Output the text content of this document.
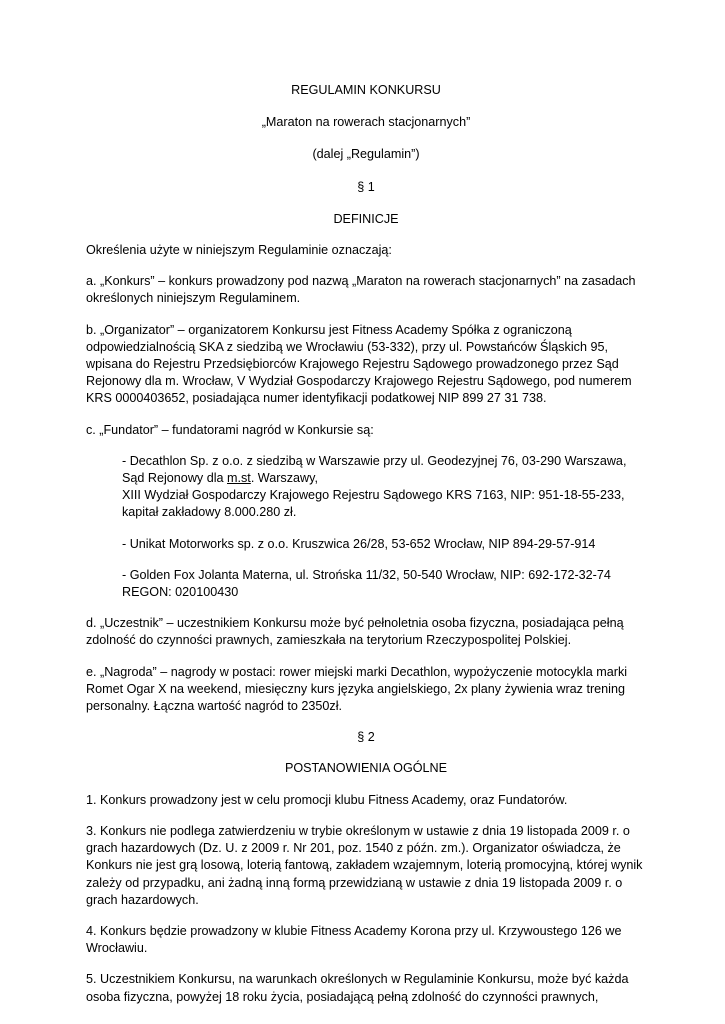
REGULAMIN KONKURSU

„Maraton na rowerach stacjonarnych”

(dalej „Regulamin”)

§ 1

DEFINICJE

Określenia użyte w niniejszym Regulaminie oznaczają:

a. „Konkurs” – konkurs prowadzony pod nazwą „Maraton na rowerach stacjonarnych” na zasadach określonych niniejszym Regulaminem.

b. „Organizator” – organizatorem Konkursu jest Fitness Academy Spółka z ograniczoną odpowiedzialnością SKA z siedzibą we Wrocławiu (53-332), przy ul. Powstańców Śląskich 95, wpisana do Rejestru Przedsiębiorców Krajowego Rejestru Sądowego prowadzonego przez Sąd Rejonowy dla m. Wrocław, V Wydział Gospodarczy Krajowego Rejestru Sądowego, pod numerem KRS 0000403652, posiadająca numer identyfikacji podatkowej NIP 899 27 31 738.

c. „Fundator” – fundatorami nagród w Konkursie są:

- Decathlon Sp. z o.o. z siedzibą w Warszawie przy ul. Geodezyjnej 76, 03-290 Warszawa, Sąd Rejonowy dla m.st. Warszawy,

XIII Wydział Gospodarczy Krajowego Rejestru Sądowego KRS 7163, NIP: 951-18-55-233, kapitał zakładowy 8.000.280 zł.

- Unikat Motorworks sp. z o.o. Kruszwica 26/28, 53-652 Wrocław, NIP 894-29-57-914

- Golden Fox Jolanta Materna, ul. Strońska 11/32, 50-540 Wrocław, NIP: 692-172-32-74

REGON: 020100430

d. „Uczestnik” – uczestnikiem Konkursu może być pełnoletnia osoba fizyczna, posiadająca pełną zdolność do czynności prawnych, zamieszkała na terytorium Rzeczypospolitej Polskiej.

e. „Nagroda” – nagrody w postaci: rower miejski marki Decathlon, wypożyczenie motocykla marki Romet Ogar X na weekend, miesięczny kurs języka angielskiego, 2x plany żywienia wraz trening personalny. Łączna wartość nagród to 2350zł.

§ 2

POSTANOWIENIA OGÓLNE

1. Konkurs prowadzony jest w celu promocji klubu Fitness Academy, oraz Fundatorów.

3. Konkurs nie podlega zatwierdzeniu w trybie określonym w ustawie z dnia 19 listopada 2009 r. o grach hazardowych (Dz. U. z 2009 r. Nr 201, poz. 1540 z późn. zm.). Organizator oświadcza, że Konkurs nie jest grą losową, loterią fantową, zakładem wzajemnym, loterią promocyjną, której wynik zależy od przypadku, ani żadną inną formą przewidzianą w ustawie z dnia 19 listopada 2009 r. o grach hazardowych.

4. Konkurs będzie prowadzony w klubie Fitness Academy Korona przy ul. Krzywoustego 126 we Wrocławiu.

5. Uczestnikiem Konkursu, na warunkach określonych w Regulaminie Konkursu, może być każda osoba fizyczna, powyżej 18 roku życia, posiadającą pełną zdolność do czynności prawnych,
